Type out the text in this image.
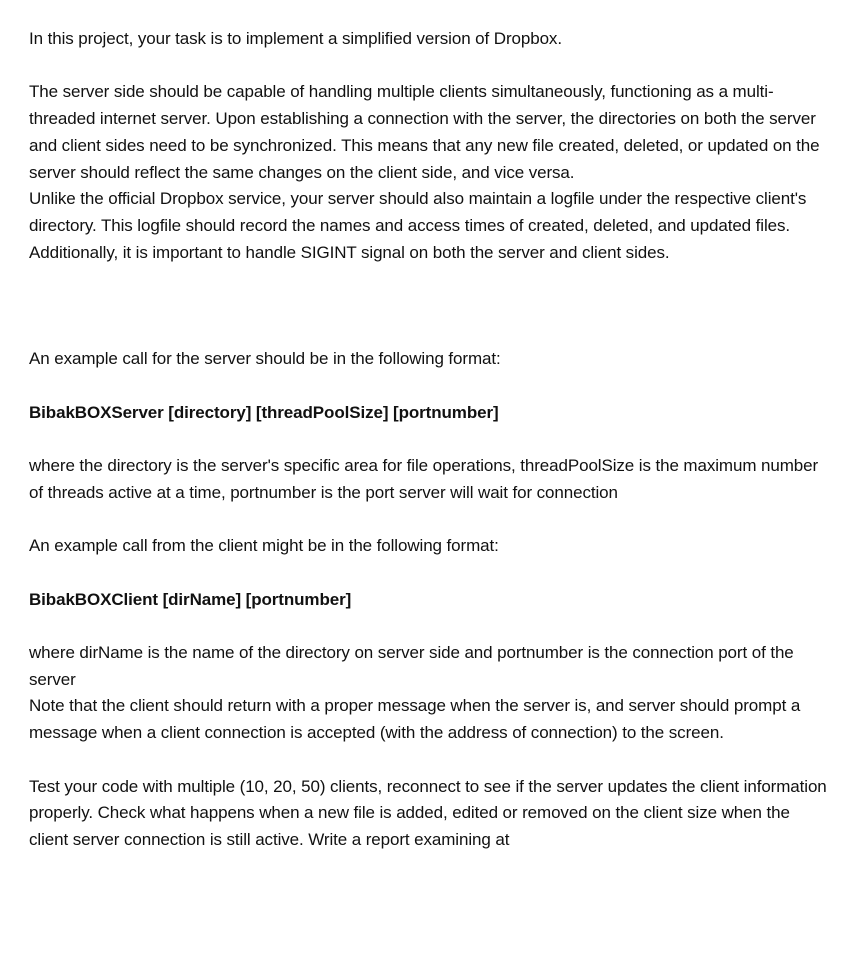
In this project, your task is to implement a simplified version of Dropbox.

The server side should be capable of handling multiple clients simultaneously, functioning as a multi-threaded internet server. Upon establishing a connection with the server, the directories on both the server and client sides need to be synchronized. This means that any new file created, deleted, or updated on the server should reflect the same changes on the client side, and vice versa.

Unlike the official Dropbox service, your server should also maintain a logfile under the respective client's directory. This logfile should record the names and access times of created, deleted, and updated files. Additionally, it is important to handle SIGINT signal on both the server and client sides.

An example call for the server should be in the following format:

BibakBOXServer [directory] [threadPoolSize] [portnumber]

where the directory is the server's specific area for file operations, threadPoolSize is the maximum number of threads active at a time, portnumber is the port server will wait for connection

An example call from the client might be in the following format:

BibakBOXClient [dirName] [portnumber]

where dirName is the name of the directory on server side and portnumber is the connection port of the server

Note that the client should return with a proper message when the server is, and server should prompt a message when a client connection is accepted (with the address of connection) to the screen.

Test your code with multiple (10, 20, 50) clients, reconnect to see if the server updates the client information properly. Check what happens when a new file is added, edited or removed on the client size when the client server connection is still active. Write a report examining at
